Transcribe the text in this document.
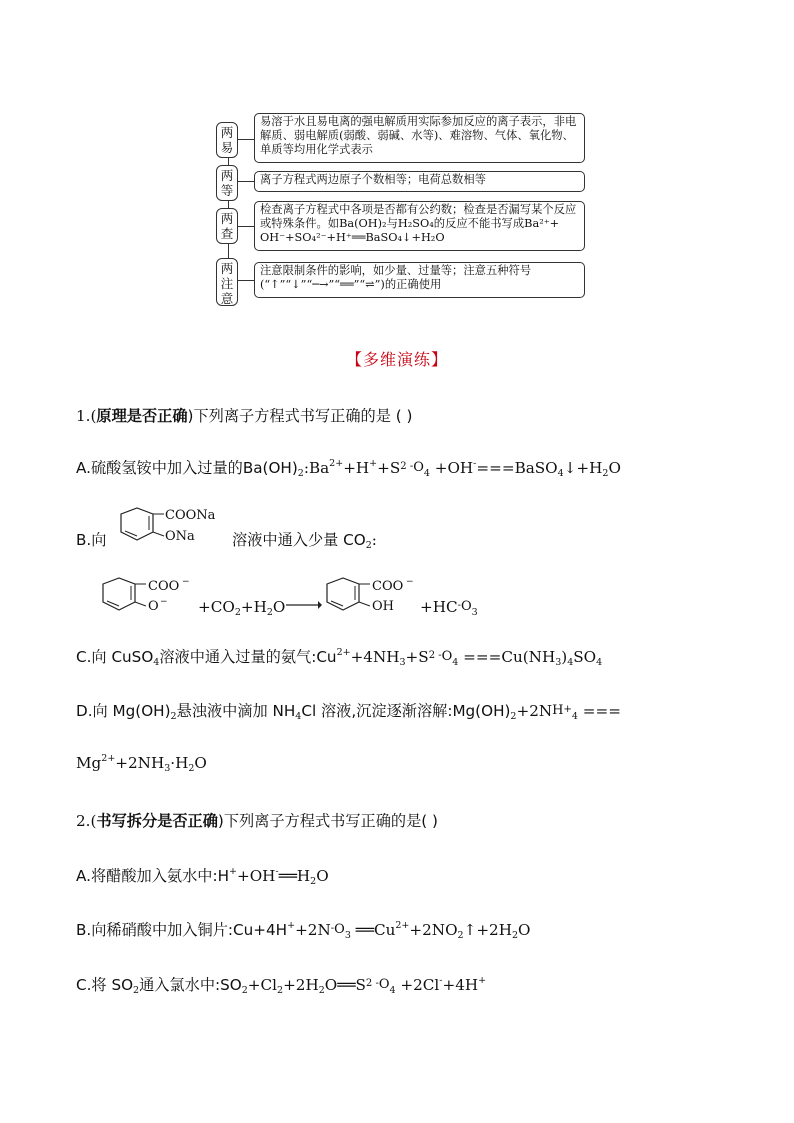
两
易
易溶于水且易电离的强电解质用实际参加反应的离子表示，非电解质、弱电解质(弱酸、弱碱、水等)、难溶物、气体、氧化物、单质等均用化学式表示
两
等
离子方程式两边原子个数相等；电荷总数相等
两
查
检查离子方程式中各项是否都有公约数；检查是否漏写某个反应或特殊条件。如Ba(OH)₂与H₂SO₄的反应不能书写成Ba²⁺+
OH⁻+SO₄²⁻+H⁺══BaSO₄↓+H₂O
两
注
意
注意限制条件的影响，如少量、过量等；注意五种符号(“↑”“↓”“─→”“══”“⇌”)的正确使用
【多维演练】
1.(原理是否正确)下列离子方程式书写正确的是 ( )
A.硫酸氢铵中加入过量的$Ba(OH)_2:Ba^{2+}+H^++S$ $2 - O_4$ $+OH^-===BaSO_4↓+H_2O$
B.向
COONa
ONa 溶液中通入少量 $CO_2$:
COO −
$O - +CO_2+H_2O$ →
COO −
OH $+HC - O_3$
C.向 CuSO$_4$溶液中通入过量的氨气$:Cu^{2+}+4NH_3+S$ $2 - O_4 ===Cu(NH_3)_4SO_4$
D.向 $Mg(OH)_2$悬浊液中滴加 $NH_4Cl$ 溶液,沉淀逐渐溶解$:Mg(OH)_2+2NH$ +
$_4$ ===
$Mg^{2+}+2NH_3\cdot H_2O$
2.(书写拆分是否正确)下列离子方程式书写正确的是( )
A.将醋酸加入氨水中$:H^++OH^-══H_2O$
B.向稀硝酸中加入铜片:Cu+4H++2N - $O_3$ $══Cu^{2+}+2NO_2↑+2H_2O$
C.将 $SO_2$通入氯水中$:SO_2+Cl_2+2H_2O══S$ $2 - O_4 +2Cl^-+4H^+$
